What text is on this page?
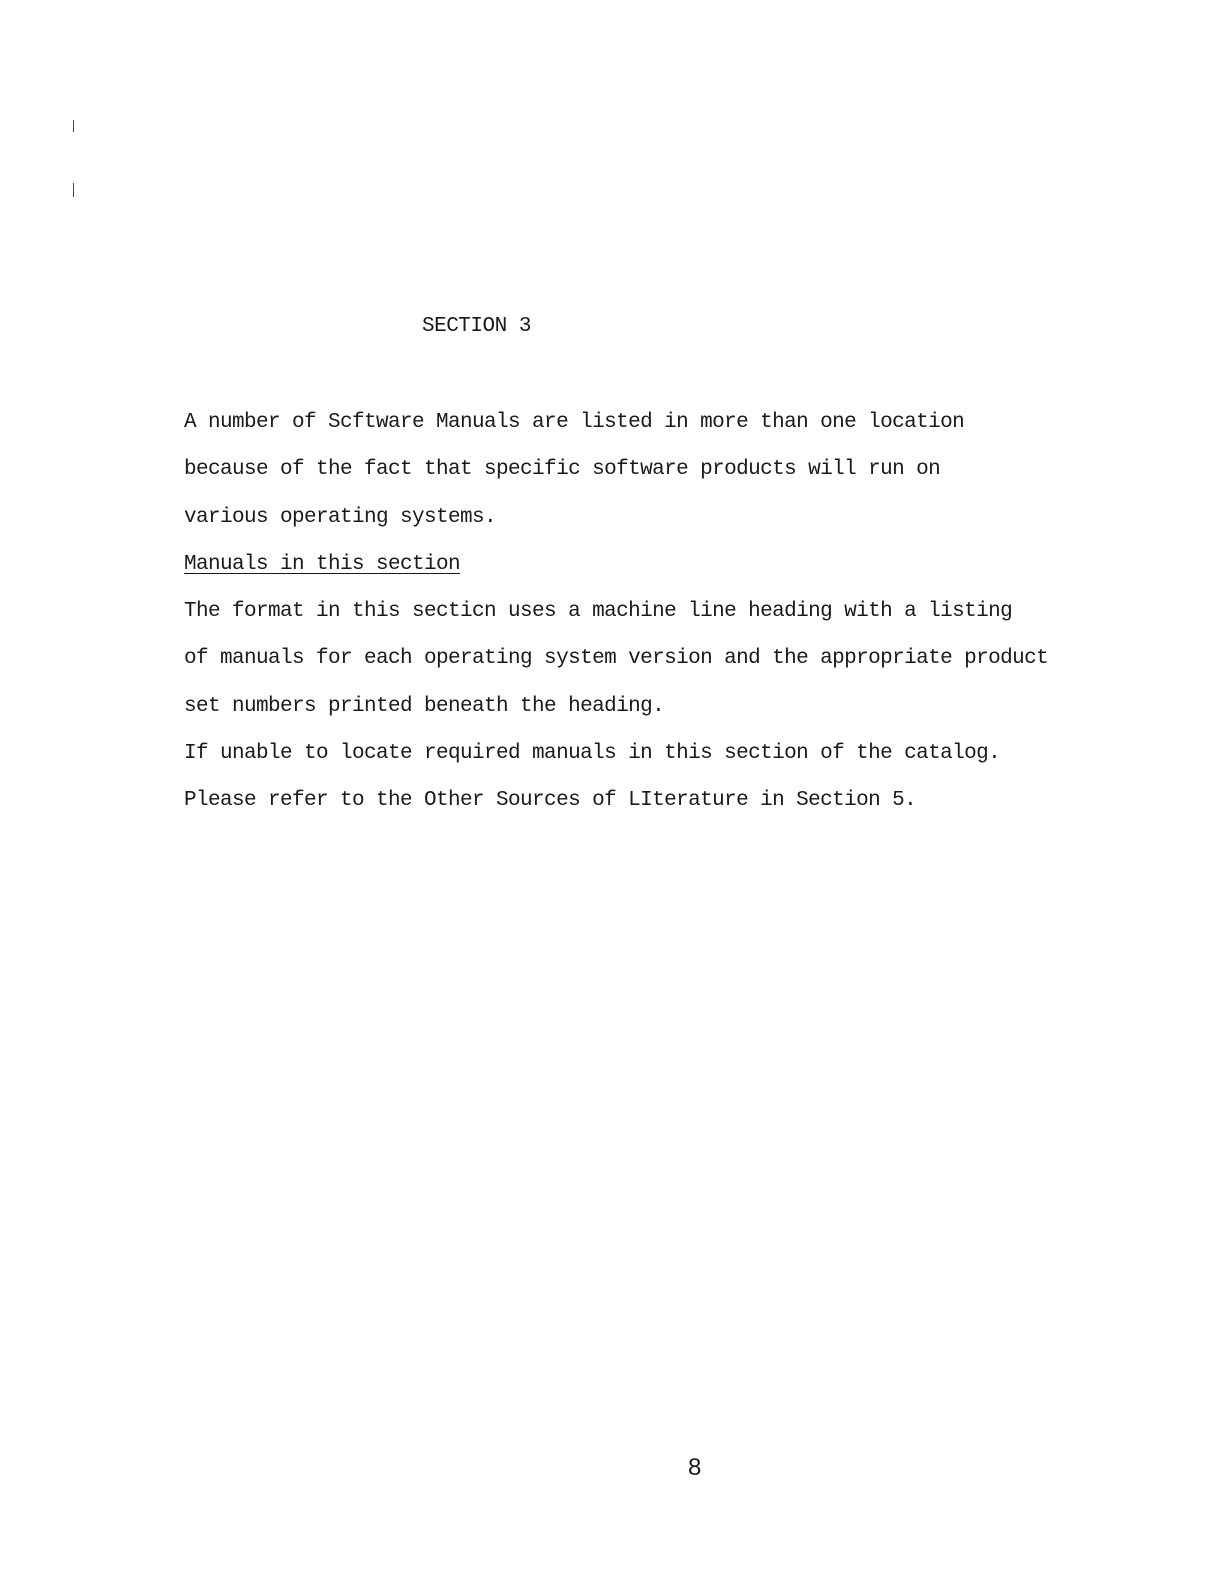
SECTION 3
A number of Scftware Manuals are listed in more than one location
because of the fact that specific software products will run on
various operating systems.
Manuals in this section
The format in this secticn uses a machine line heading with a listing
of manuals for each operating system version and the appropriate product
set numbers printed beneath the heading.
If unable to locate required manuals in this section of the catalog.
Please refer to the Other Sources of LIterature in Section 5.
8
